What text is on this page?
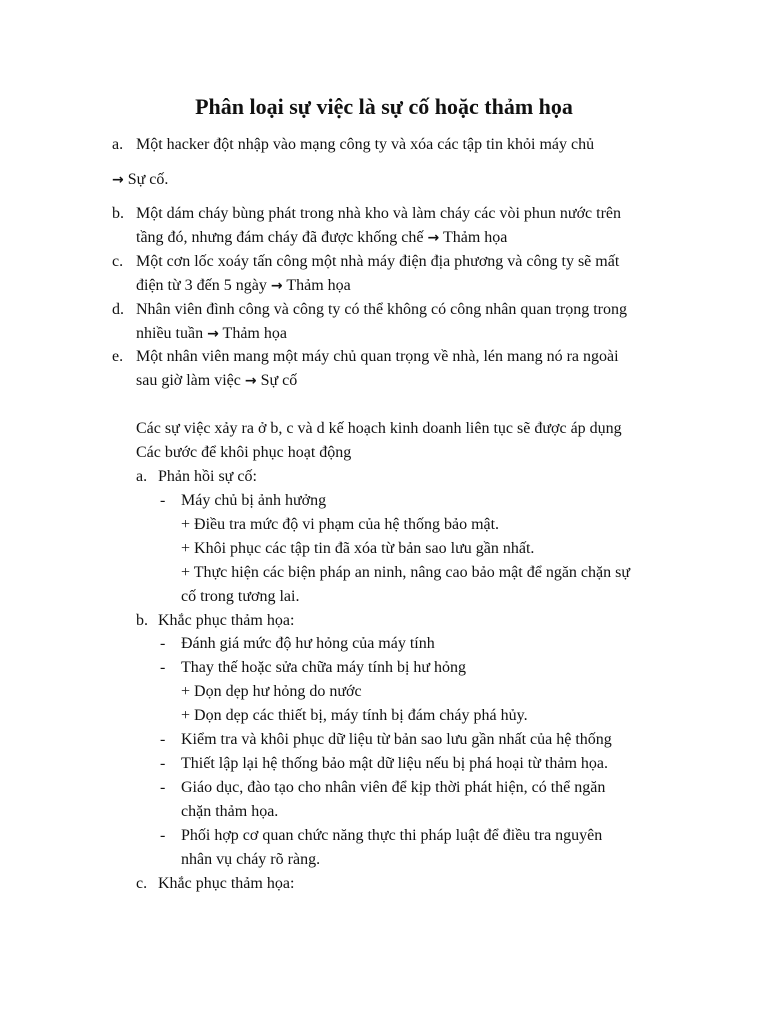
Phân loại sự việc là sự cố hoặc thảm họa
a. Một hacker đột nhập vào mạng công ty và xóa các tập tin khỏi máy chủ

→ Sự cố.

b. Một dám cháy bùng phát trong nhà kho và làm cháy các vòi phun nước trên

tầng đó, nhưng đám cháy đã được khống chế → Thảm họa

c. Một cơn lốc xoáy tấn công một nhà máy điện địa phương và công ty sẽ mất

điện từ 3 đến 5 ngày → Thảm họa

d. Nhân viên đình công và công ty có thể không có công nhân quan trọng trong

nhiều tuần → Thảm họa

e. Một nhân viên mang một máy chủ quan trọng về nhà, lén mang nó ra ngoài

sau giờ làm việc → Sự cố

Các sự việc xảy ra ở b, c và d kế hoạch kinh doanh liên tục sẽ được áp dụng

Các bước để khôi phục hoạt động

a. Phản hồi sự cố:

- Máy chủ bị ảnh hưởng

+ Điều tra mức độ vi phạm của hệ thống bảo mật.

+ Khôi phục các tập tin đã xóa từ bản sao lưu gần nhất.

+ Thực hiện các biện pháp an ninh, nâng cao bảo mật để ngăn chặn sự

cố trong tương lai.

b. Khắc phục thảm họa:

- Đánh giá mức độ hư hỏng của máy tính

- Thay thế hoặc sửa chữa máy tính bị hư hỏng

+ Dọn dẹp hư hỏng do nước

+ Dọn dẹp các thiết bị, máy tính bị đám cháy phá hủy.

- Kiểm tra và khôi phục dữ liệu từ bản sao lưu gần nhất của hệ thống

- Thiết lập lại hệ thống bảo mật dữ liệu nếu bị phá hoại từ thảm họa.

- Giáo dục, đào tạo cho nhân viên để kịp thời phát hiện, có thể ngăn

chặn thảm họa.

- Phối hợp cơ quan chức năng thực thi pháp luật để điều tra nguyên

nhân vụ cháy rõ ràng.

c. Khắc phục thảm họa:
